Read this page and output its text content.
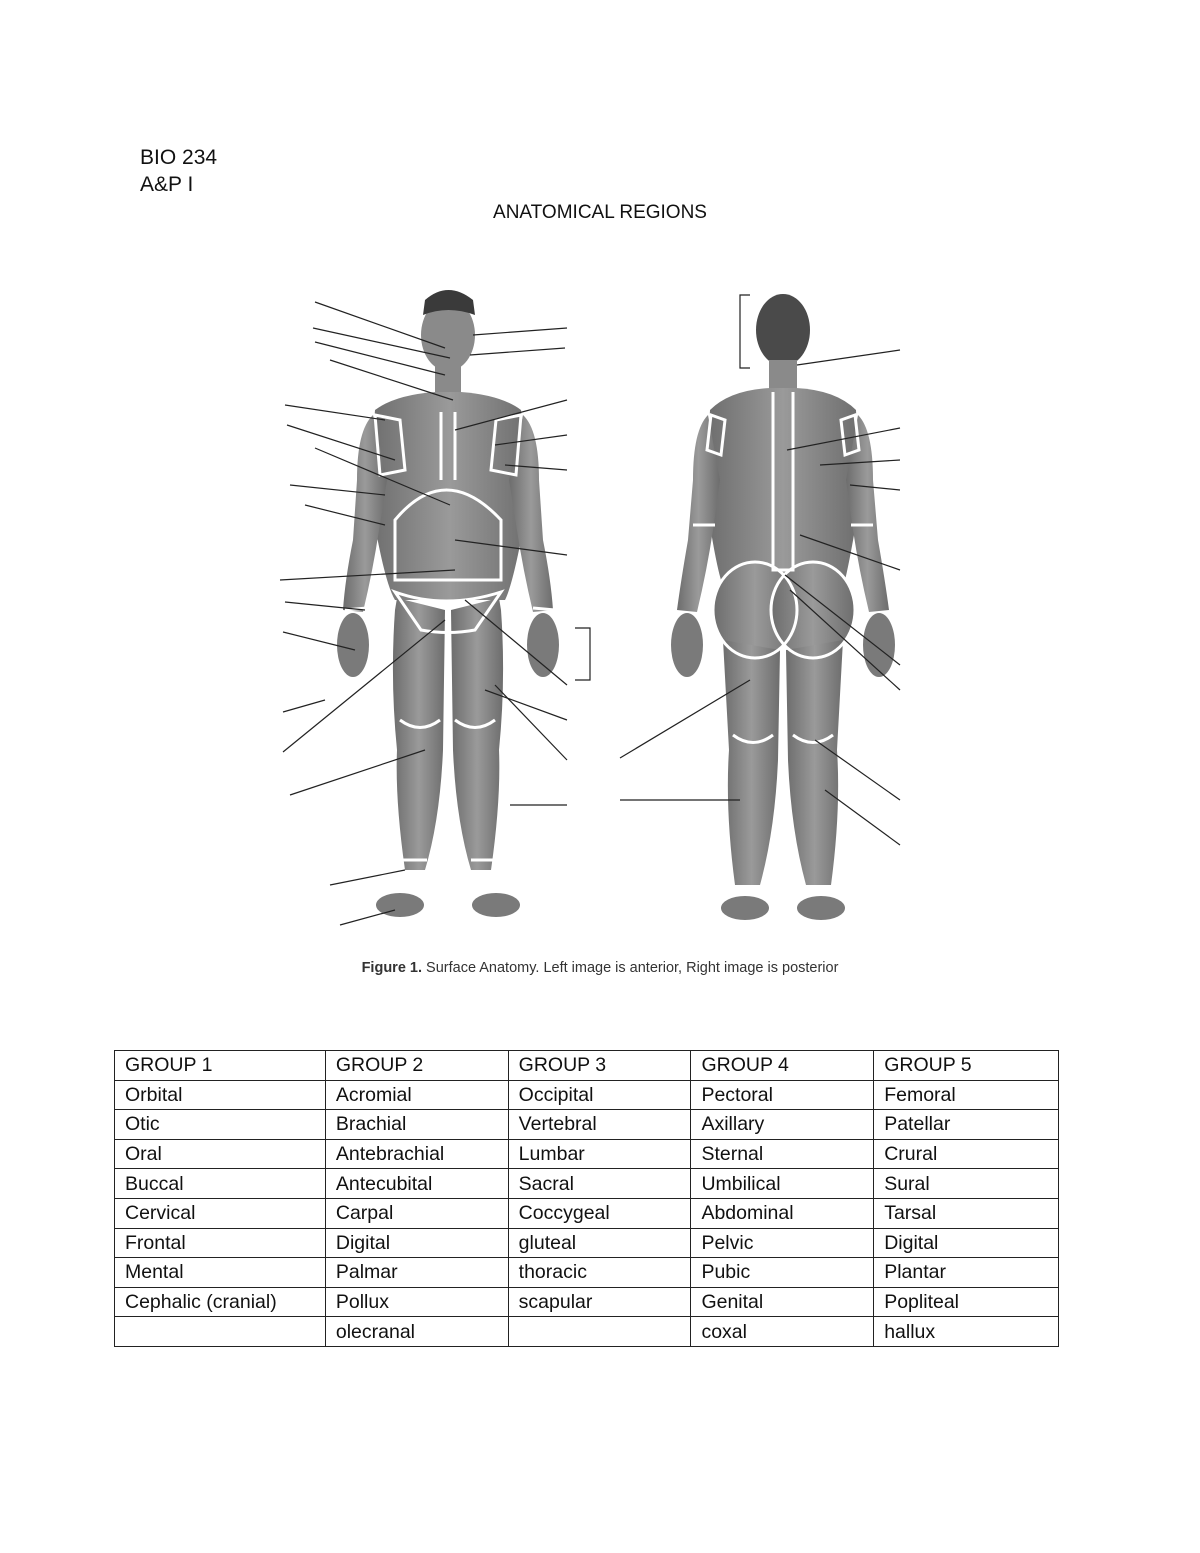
BIO 234
A&P I
ANATOMICAL REGIONS
Figure 1. Surface Anatomy. Left image is anterior, Right image is posterior
GROUP 1	GROUP 2	GROUP 3	GROUP 4	GROUP 5
Orbital	Acromial	Occipital	Pectoral	Femoral
Otic	Brachial	Vertebral	Axillary	Patellar
Oral	Antebrachial	Lumbar	Sternal	Crural
Buccal	Antecubital	Sacral	Umbilical	Sural
Cervical	Carpal	Coccygeal	Abdominal	Tarsal
Frontal	Digital	gluteal	Pelvic	Digital
Mental	Palmar	thoracic	Pubic	Plantar
Cephalic (cranial)	Pollux	scapular	Genital	Popliteal
	olecranal		coxal	hallux
